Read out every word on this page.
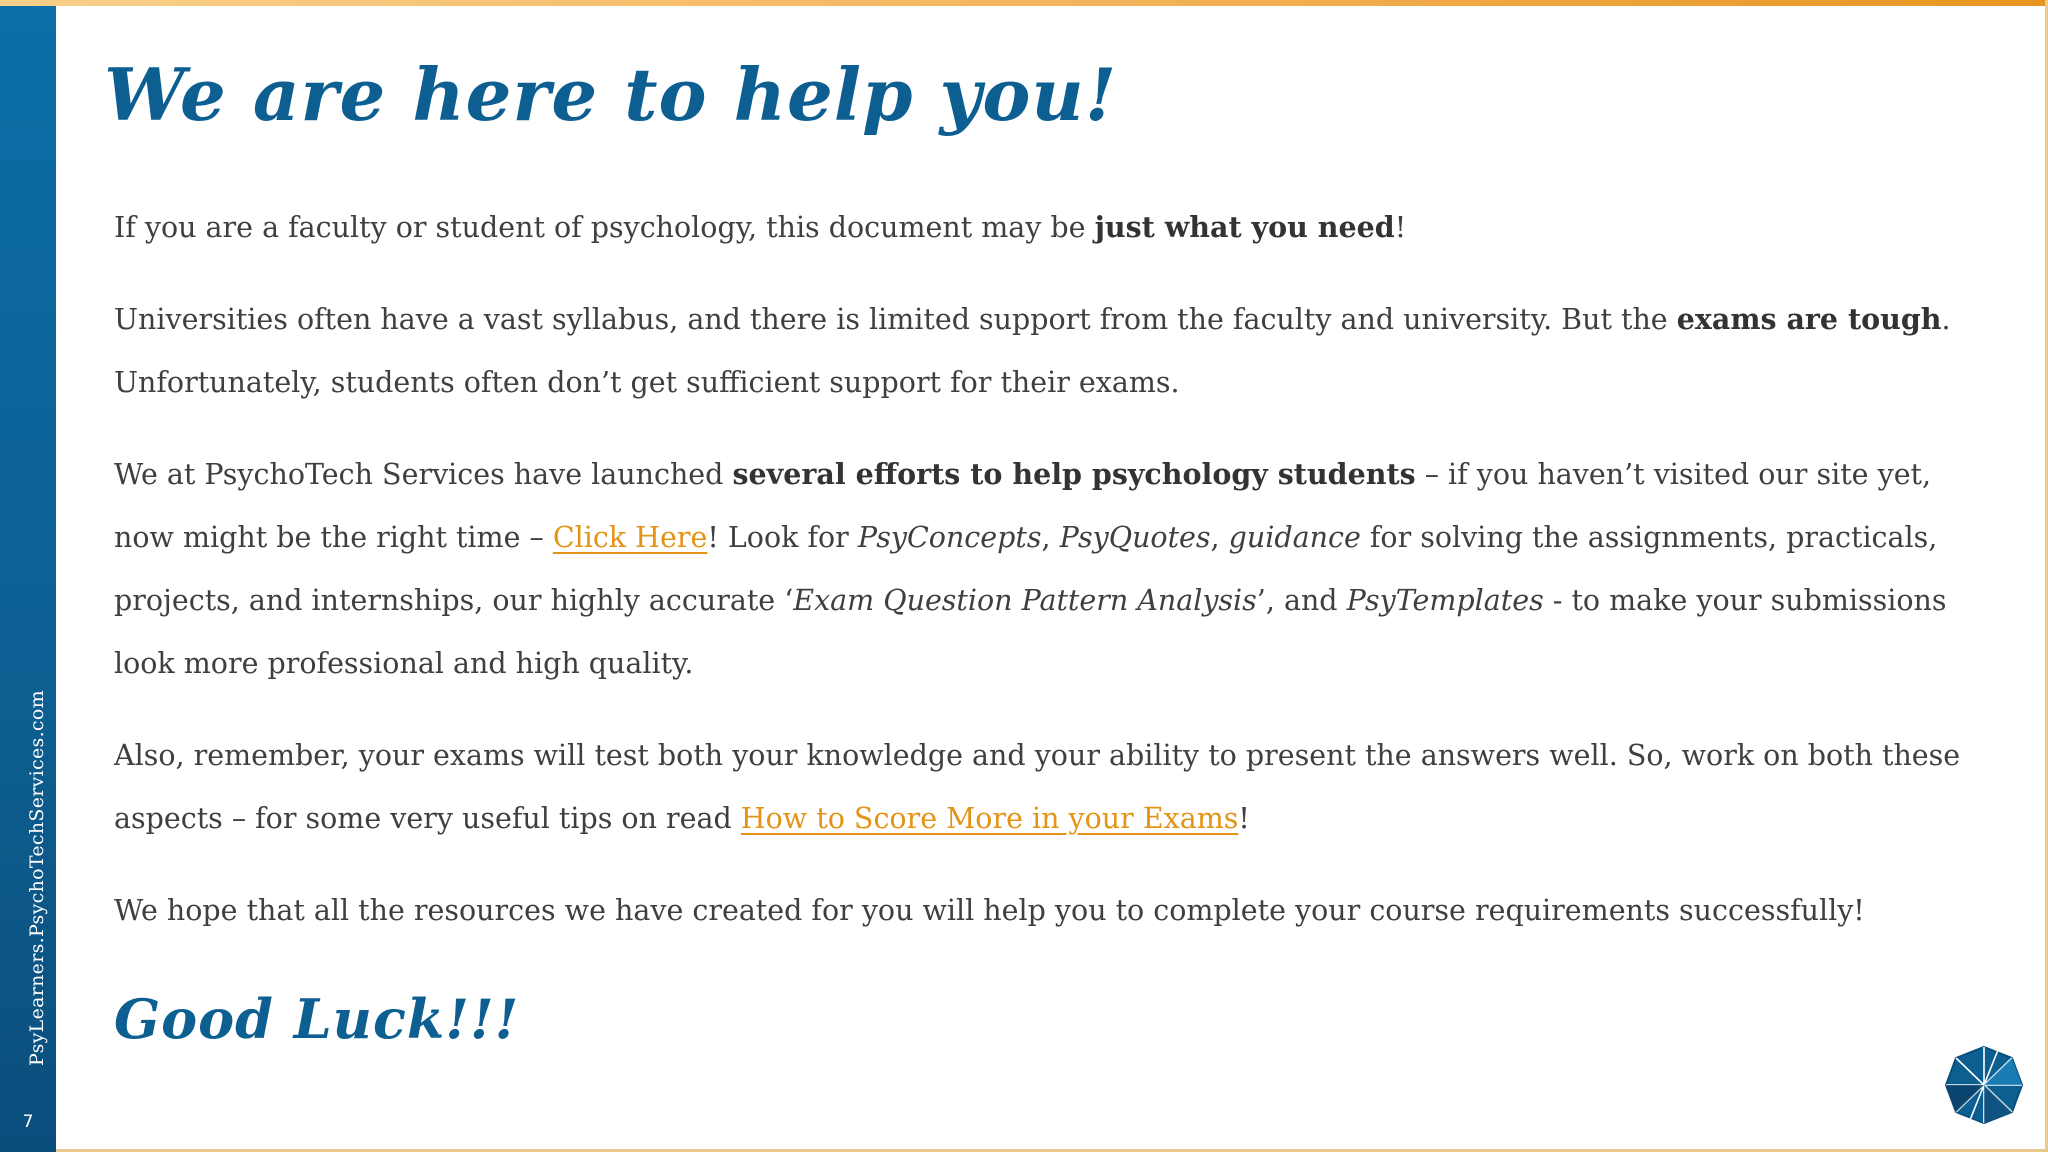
PsyLearners.PsychoTechServices.com
7
We are here to help you!

If you are a faculty or student of psychology, this document may be just what you need!

Universities often have a vast syllabus, and there is limited support from the faculty and university. But the exams are tough. Unfortunately, students often don’t get sufficient support for their exams.

We at PsychoTech Services have launched several efforts to help psychology students – if you haven’t visited our site yet, now might be the right time – Click Here! Look for PsyConcepts, PsyQuotes, guidance for solving the assignments, practicals, projects, and internships, our highly accurate ‘Exam Question Pattern Analysis’, and PsyTemplates - to make your submissions look more professional and high quality.

Also, remember, your exams will test both your knowledge and your ability to present the answers well. So, work on both these aspects – for some very useful tips on read How to Score More in your Exams!

We hope that all the resources we have created for you will help you to complete your course requirements successfully!

Good Luck!!!
